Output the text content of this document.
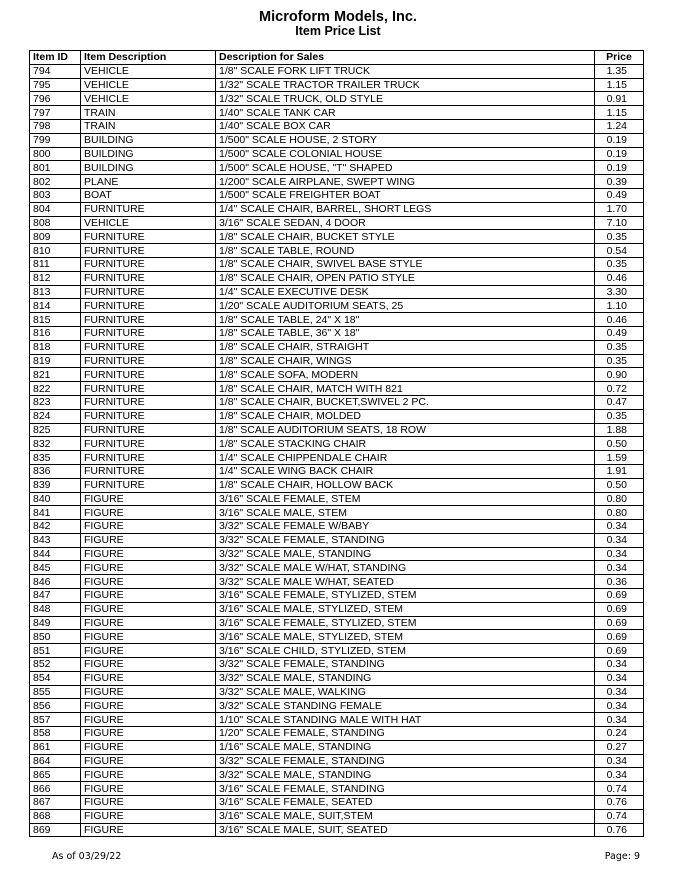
Microform Models, Inc.
Item Price List
Item ID	Item Description	Description for Sales	Price
794	VEHICLE	1/8" SCALE FORK LIFT TRUCK	1.35
795	VEHICLE	1/32" SCALE TRACTOR TRAILER TRUCK	1.15
796	VEHICLE	1/32" SCALE TRUCK, OLD STYLE	0.91
797	TRAIN	1/40" SCALE TANK CAR	1.15
798	TRAIN	1/40" SCALE BOX CAR	1.24
799	BUILDING	1/500" SCALE HOUSE, 2 STORY	0.19
800	BUILDING	1/500" SCALE COLONIAL HOUSE	0.19
801	BUILDING	1/500" SCALE HOUSE, "T" SHAPED	0.19
802	PLANE	1/200" SCALE AIRPLANE, SWEPT WING	0.39
803	BOAT	1/500" SCALE FREIGHTER BOAT	0.49
804	FURNITURE	1/4" SCALE CHAIR, BARREL, SHORT LEGS	1.70
808	VEHICLE	3/16" SCALE SEDAN, 4 DOOR	7.10
809	FURNITURE	1/8" SCALE CHAIR, BUCKET STYLE	0.35
810	FURNITURE	1/8" SCALE TABLE, ROUND	0.54
811	FURNITURE	1/8" SCALE CHAIR, SWIVEL BASE STYLE	0.35
812	FURNITURE	1/8" SCALE CHAIR, OPEN PATIO STYLE	0.46
813	FURNITURE	1/4" SCALE EXECUTIVE DESK	3.30
814	FURNITURE	1/20" SCALE AUDITORIUM SEATS, 25	1.10
815	FURNITURE	1/8" SCALE TABLE, 24" X 18"	0.46
816	FURNITURE	1/8" SCALE TABLE, 36" X 18"	0.49
818	FURNITURE	1/8" SCALE CHAIR, STRAIGHT	0.35
819	FURNITURE	1/8" SCALE CHAIR, WINGS	0.35
821	FURNITURE	1/8" SCALE SOFA, MODERN	0.90
822	FURNITURE	1/8" SCALE CHAIR, MATCH WITH 821	0.72
823	FURNITURE	1/8" SCALE CHAIR, BUCKET,SWIVEL 2 PC.	0.47
824	FURNITURE	1/8" SCALE CHAIR, MOLDED	0.35
825	FURNITURE	1/8" SCALE AUDITORIUM SEATS, 18 ROW	1.88
832	FURNITURE	1/8" SCALE STACKING CHAIR	0.50
835	FURNITURE	1/4" SCALE CHIPPENDALE CHAIR	1.59
836	FURNITURE	1/4" SCALE WING BACK CHAIR	1.91
839	FURNITURE	1/8" SCALE CHAIR, HOLLOW BACK	0.50
840	FIGURE	3/16" SCALE FEMALE, STEM	0.80
841	FIGURE	3/16" SCALE MALE, STEM	0.80
842	FIGURE	3/32" SCALE FEMALE W/BABY	0.34
843	FIGURE	3/32" SCALE FEMALE, STANDING	0.34
844	FIGURE	3/32" SCALE MALE, STANDING	0.34
845	FIGURE	3/32" SCALE MALE W/HAT, STANDING	0.34
846	FIGURE	3/32" SCALE MALE W/HAT, SEATED	0.36
847	FIGURE	3/16" SCALE FEMALE, STYLIZED, STEM	0.69
848	FIGURE	3/16" SCALE MALE, STYLIZED, STEM	0.69
849	FIGURE	3/16" SCALE FEMALE, STYLIZED, STEM	0.69
850	FIGURE	3/16" SCALE MALE, STYLIZED, STEM	0.69
851	FIGURE	3/16" SCALE CHILD, STYLIZED, STEM	0.69
852	FIGURE	3/32" SCALE FEMALE, STANDING	0.34
854	FIGURE	3/32" SCALE MALE, STANDING	0.34
855	FIGURE	3/32" SCALE MALE, WALKING	0.34
856	FIGURE	3/32" SCALE STANDING FEMALE	0.34
857	FIGURE	1/10" SCALE STANDING MALE WITH HAT	0.34
858	FIGURE	1/20" SCALE FEMALE, STANDING	0.24
861	FIGURE	1/16" SCALE MALE, STANDING	0.27
864	FIGURE	3/32" SCALE FEMALE, STANDING	0.34
865	FIGURE	3/32" SCALE MALE, STANDING	0.34
866	FIGURE	3/16" SCALE FEMALE, STANDING	0.74
867	FIGURE	3/16" SCALE FEMALE, SEATED	0.76
868	FIGURE	3/16" SCALE MALE, SUIT,STEM	0.74
869	FIGURE	3/16" SCALE MALE, SUIT, SEATED	0.76
As of 03/29/22	Page: 9
